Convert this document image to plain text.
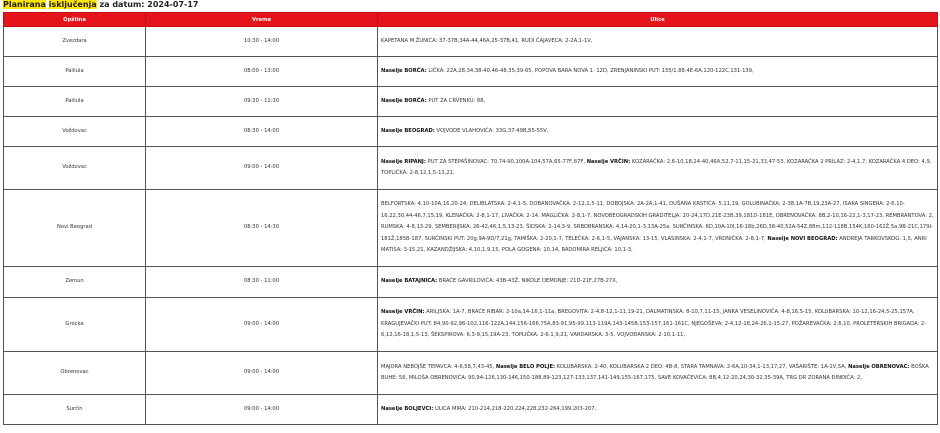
Planirana isključenja za datum: 2024-07-17
Opština	Vreme	Ulice
Zvezdara	10:30 - 14:00	KAPETANA M.ŽUNIĆA: 37-37B,34A-44,46A,25-37B,41, RUDI ČAJAVECA: 2-2A,1-1V,
Palilula	08:00 - 13:00	Naselje BORČA: LIČKA: 22A,28,34,38-40,46-48,35,39-65, POPOVA BARA NOVA 1: 12D, ZRENJANINSKI PUT: 135/1,88,4E-6A,120-122C,131-139,
Palilula	09:30 - 11:30	Naselje BORČA: PUT ZA CRVENKU: 88,
Voždovac	08:30 - 14:00	Naselje BEOGRAD: VOJVODE VLAHOVIĆA: 33G,37-49B,55-55V,
Voždovac	09:00 - 14:00	Naselje RIPANJ: PUT ZA STEPAŠINOVAC: 70,74-90,100A-104,57A,65-77F,87F, Naselje VRČIN: KOZARAČKA: 2,6-10,18,24-40,46A,52,7-11,15-21,33,47-53, KOZARAČKA 2 PRILAZ: 2-4,1,7, KOZARAČKA 4 DEO: 4,9, TOPLIČKA: 2-8,12,1,5-13,21,
Novi Beograd	08:30 - 14:30	BELFORTSKA: 4,10-10A,16,20-24, DELIBLATSKA: 2-4,1-5, DOBANOVAČKA: 2-12,1,5-11, DOBOJSKA: 2A-2A,1-41, DUŠANA KRSTIĆA: 5,11,19, GOLUBINAČKA: 2-38,1A-7B,19,23A-27, ISAKA SINGERA: 2-6,10-16,22,30,44-46,7,15,19, KLENAČKA: 2-8,1-17, LIVAČKA: 2-14, MAGLIČKA: 2-8,1-7, NOVOBEOGRADSKIH GRADITELJA: 20-24,17D,21E-23B,39,181D-181E, OBRENOVAČKA: 8B,2-10,16-22,1-3,17-23, REMBRANTOVA: 2, RUMSKA: 4-8,13-29, SEMBERIJSKA: 26-42,46,1,5,13-23, ŠIDSKA: 2-14,3-9, SRBOBRANSKA: 4,14-20,1-3,13A-25a, SURČINSKA: 6D,10A-10I,16-18b,26D,38-40,52A-54Z,88m,112-118B,154K,160-162Ž,5a,9B-21C,179I-181Ž,185B-187, SURČINSKI PUT: 20g,9A-9D/7,21g, TAMIŠKA: 2-20,1-7, TELEČKA: 2-6,1-5, VAJANSKA: 13-15, VLASINSKA: 2-4,1-7, VRDNIČKA: 2-8,1-7, Naselje NOVI BEOGRAD: ANDREJA TARKOVSKOG: 1,5, ANRI MATISA: 3-15,21, KAZANDŽIJSKA: 4,10,1,9,15, POLA GOGENA: 10,14, RADOMIRA RELJIĆA: 10,1-3,
Zemun	08:30 - 11:00	Naselje BATAJNICA: BRAĆE GAVRILOVIĆA: 43B-43Ž, NIKOLE DEMONJE: 21D-21F,27B-27X,
Grocka	09:00 - 14:00	Naselje VRČIN: ARILJSKA: 1A-7, BRAĆE RIBAR: 2-10a,14-16,1-11a, BREGOVITA: 2-4,8-12,1-11,19-21, DALMATINSKA: 8-10,7,11-15, JANKA VESELINOVIĆA: 4-8,16,5-15, KOLUBARSKA: 10-12,16-24,5-25,157A, KRAGUJEVAČKI PUT: 84,90-92,96-102,116-122A,144,156-166,75A,83-91,95-99,113-119A,143-145B,153-157,161-161C, NJEGOŠEVA: 2-4,12-18,24-26,1-15,27, POŽAREVAČKA: 2,6,10, PROLETERSKIH BRIGADA: 2-6,12,16-18,1,5-13, ŠEKSPIROVA: 6,3-9,15,19A-23, TOPLIČKA: 2-6,1,9,21, VARDARSKA: 3-5, VOJVOĐANSKA: 2-10,1-11,
Obrenovac	09:00 - 14:00	MAJORA NEBOJŠE TEPAVCA: 4-6,58,7,43-45, Naselje BELO POLJE: KOLUBARSKA: 2-40, KOLUBARSKA 2 DEO: 4B-8, STARA TAMNAVA: 2-6A,10-34,1-13,17,27, VAŠARIŠTE: 1A-1V,5A, Naselje OBRENOVAC: BOŠKA BUHE: 56, MILOŠA OBRENOVIĆA: 90,94-126,130-146,150-188,89-123,127-133,137,141-149,155-167,175, SAVE KOVAČEVIĆA: 8B,4,12-20,24,30-32,35-39A, TRG DR ZORANA ĐINĐIĆA: 2,
Surčin	09:00 - 14:00	Naselje BOLJEVCI: ULICA MIRA: 210-214,218-220,224,228,232-264,199,203-207,
